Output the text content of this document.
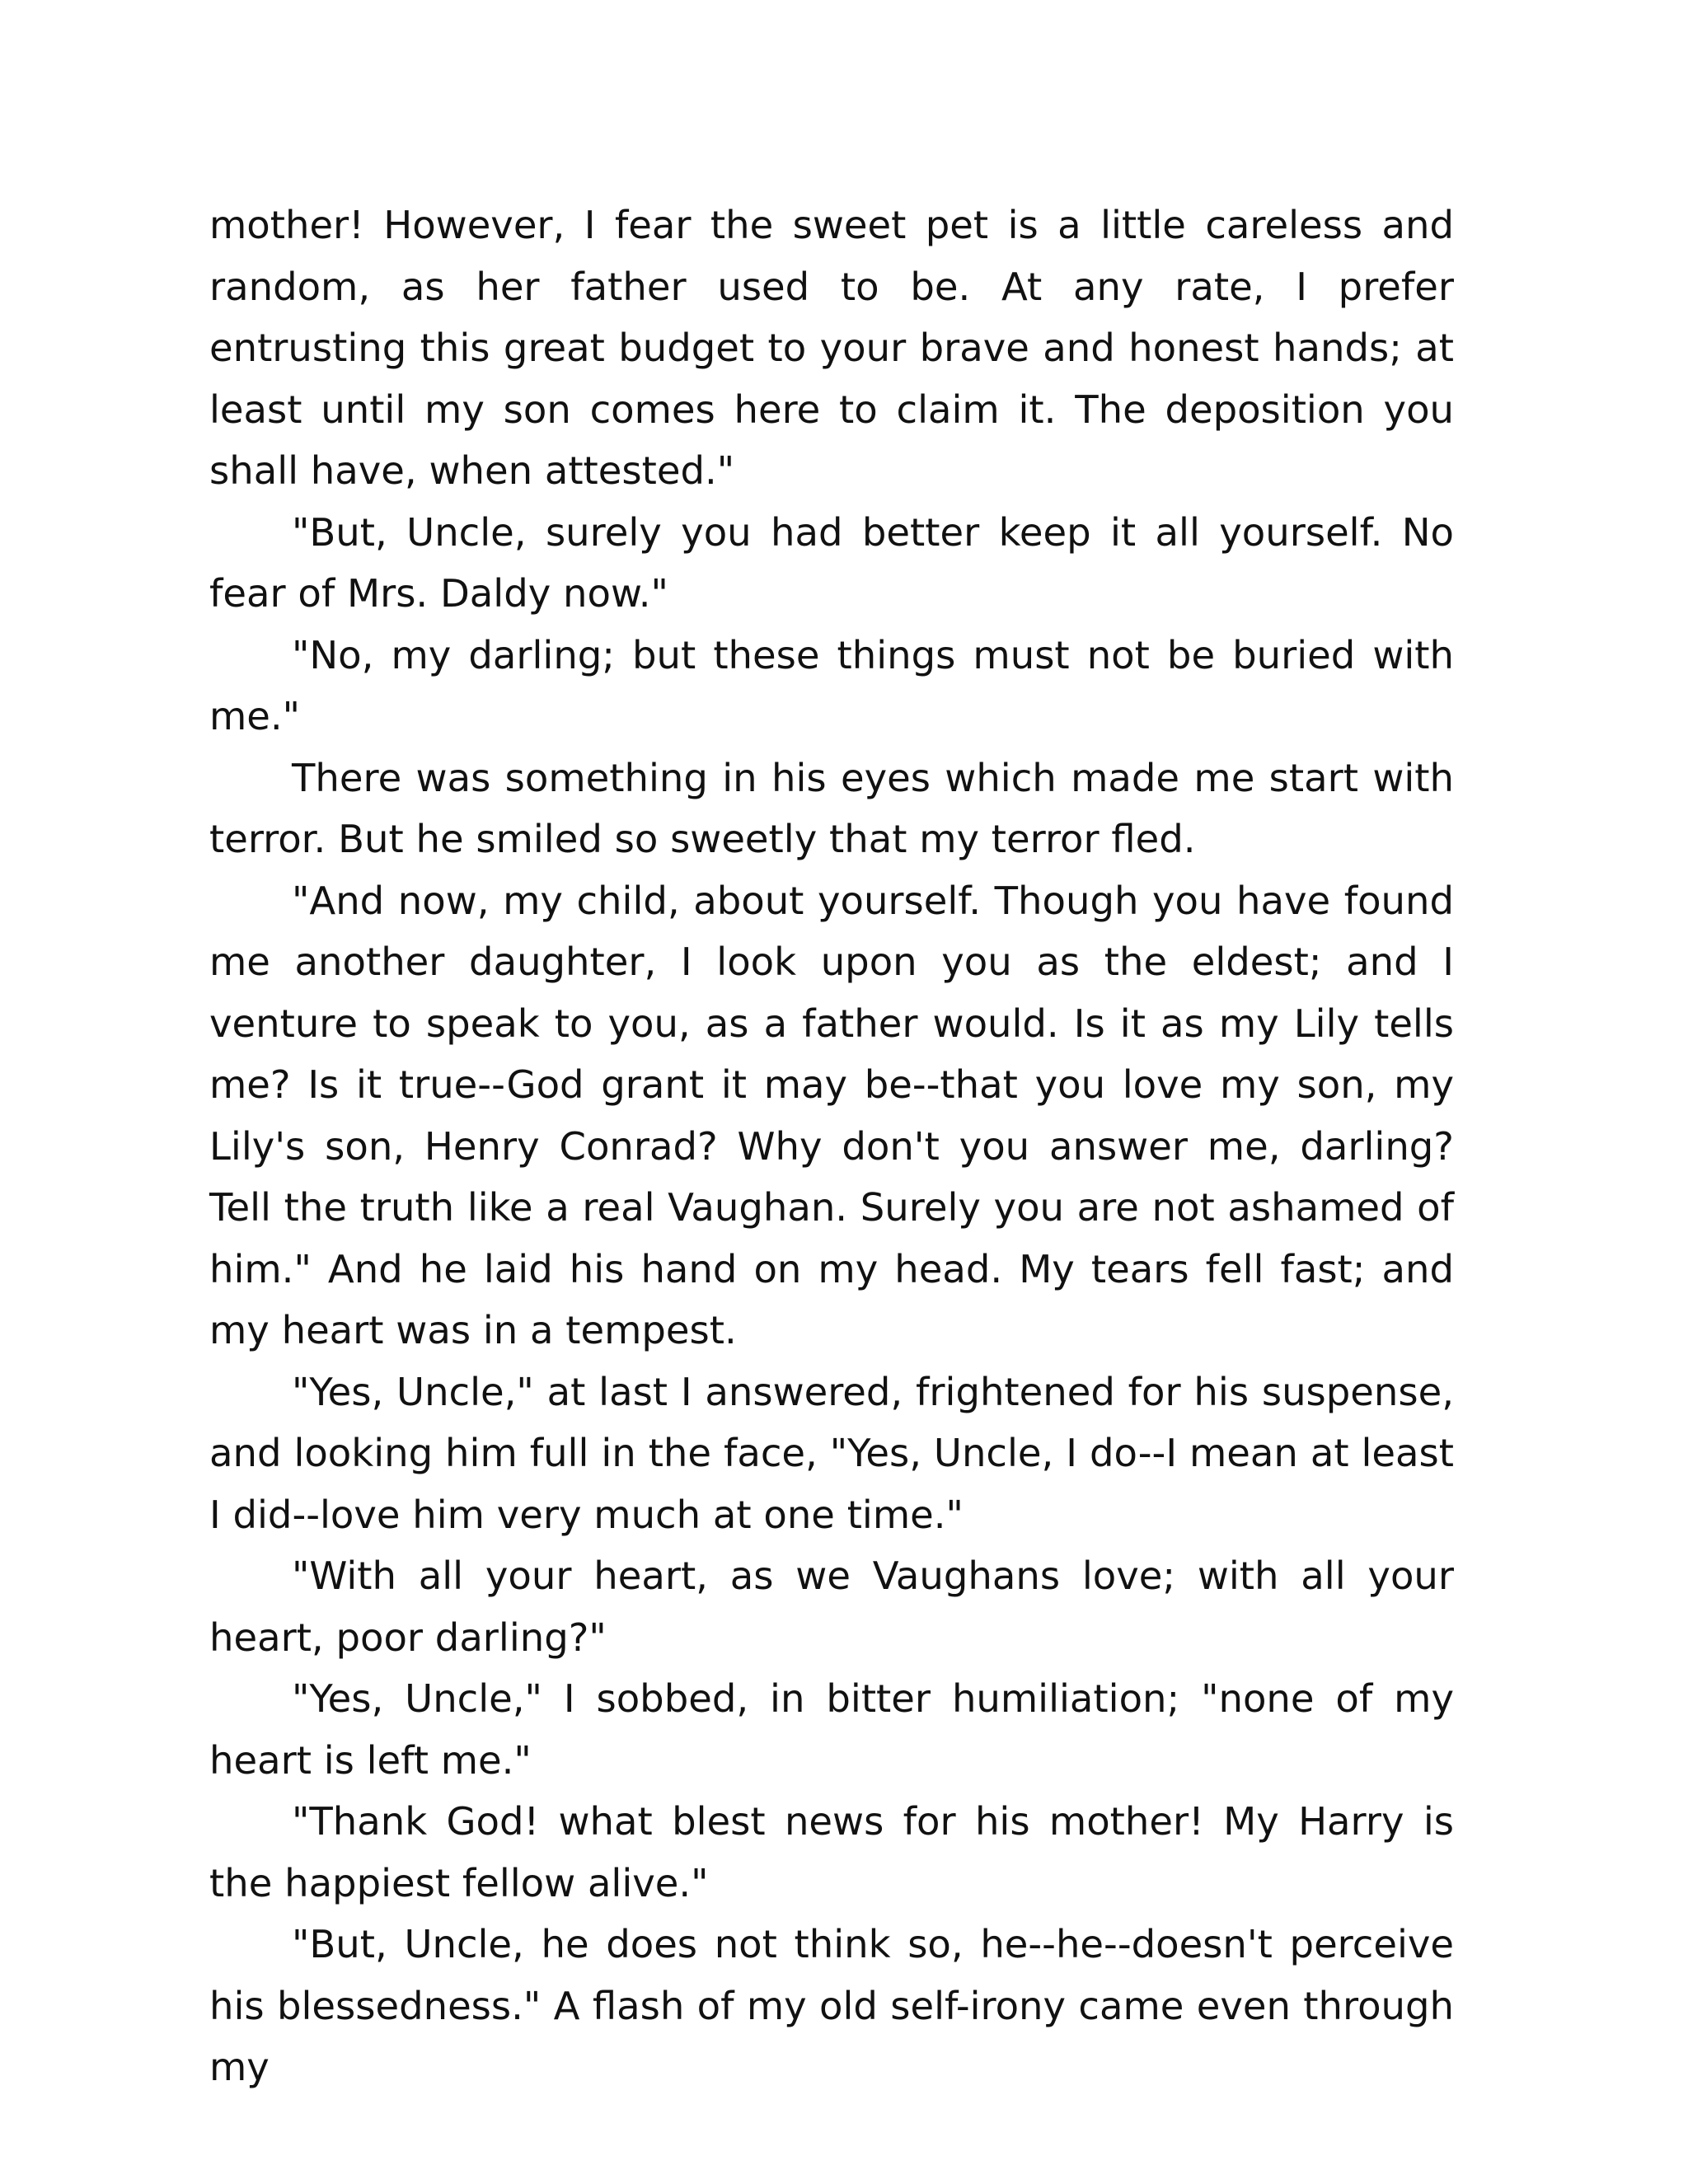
mother! However, I fear the sweet pet is a little careless and random, as her father used to be. At any rate, I prefer entrusting this great budget to your brave and honest hands; at least until my son comes here to claim it. The deposition you shall have, when attested."

"But, Uncle, surely you had better keep it all yourself. No fear of Mrs. Daldy now."

"No, my darling; but these things must not be buried with me."

There was something in his eyes which made me start with terror. But he smiled so sweetly that my terror fled.

"And now, my child, about yourself. Though you have found me another daughter, I look upon you as the eldest; and I venture to speak to you, as a father would. Is it as my Lily tells me? Is it true--God grant it may be--that you love my son, my Lily's son, Henry Conrad? Why don't you answer me, darling? Tell the truth like a real Vaughan. Surely you are not ashamed of him." And he laid his hand on my head. My tears fell fast; and my heart was in a tempest.

"Yes, Uncle," at last I answered, frightened for his suspense, and looking him full in the face, "Yes, Uncle, I do--I mean at least I did--love him very much at one time."

"With all your heart, as we Vaughans love; with all your heart, poor darling?"

"Yes, Uncle," I sobbed, in bitter humiliation; "none of my heart is left me."

"Thank God! what blest news for his mother! My Harry is the happiest fellow alive."

"But, Uncle, he does not think so, he--he--doesn't perceive his blessedness." A flash of my old self-irony came even through my
